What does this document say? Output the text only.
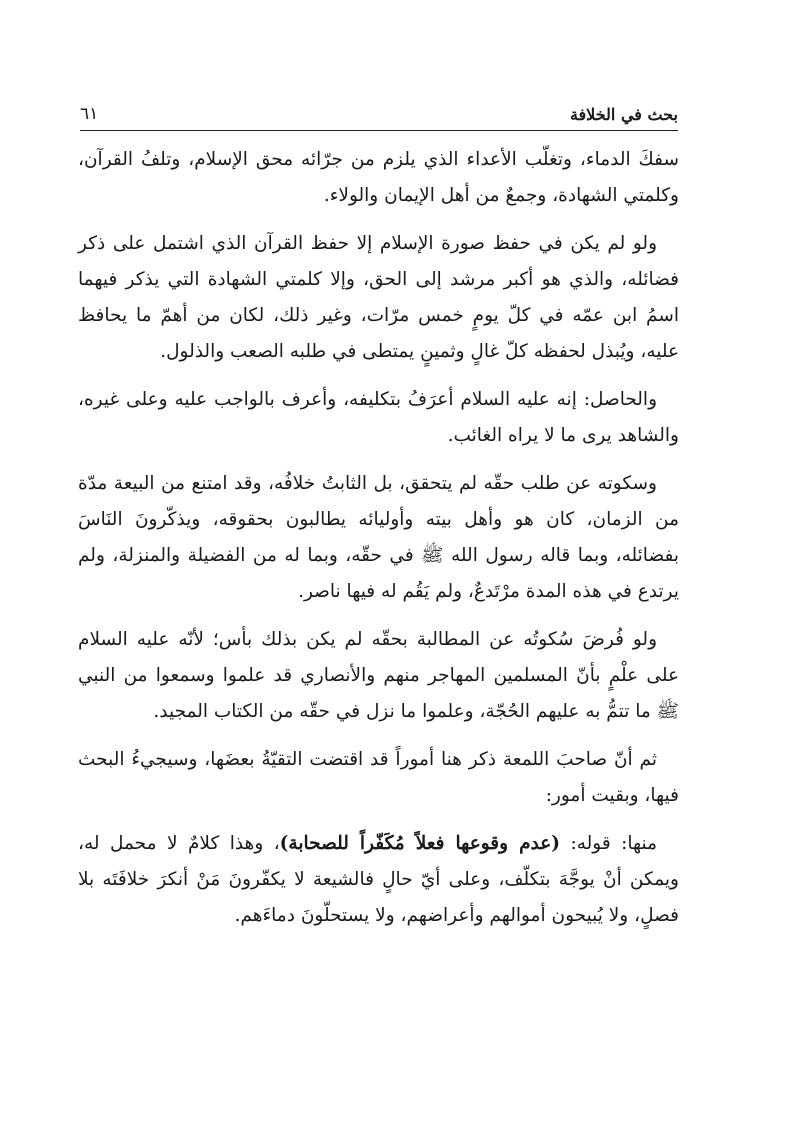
بحث في الخلافة
٦١

سفكَ الدماء، وتغلّب الأعداء الذي يلزم من جرّائه محق الإسلام، وتلفُ القرآن، وكلمتي الشهادة، وجمعٌ من أهل الإيمان والولاء.

ولو لم يكن في حفظ صورة الإسلام إلا حفظ القرآن الذي اشتمل على ذكر فضائله، والذي هو أكبر مرشد إلى الحق، وإلا كلمتي الشهادة التي يذكر فيهما اسمُ ابن عمّه في كلّ يومٍ خمس مرّات، وغير ذلك، لكان من أهمّ ما يحافظ عليه، ويُبذل لحفظه كلّ غالٍ وثمينٍ يمتطى في طلبه الصعب والذلول.

والحاصل: إنه عليه السلام أعرَفُ بتكليفه، وأعرف بالواجب عليه وعلى غيره، والشاهد يرى ما لا يراه الغائب.

وسكوته عن طلب حقّه لم يتحقق، بل الثابتُ خلافُه، وقد امتنع من البيعة مدّة من الزمان، كان هو وأهل بيته وأوليائه يطالبون بحقوقه، ويذكّرونَ النَاسَ بفضائله، وبما قاله رسول الله ﷺ في حقّه، وبما له من الفضيلة والمنزلة، ولم يرتدع في هذه المدة مرْتَدعٌ، ولم يَقُم له فيها ناصر.

ولو فُرضَ سُكوتُه عن المطالبة بحقّه لم يكن بذلك بأس؛ لأنّه عليه السلام على علْمٍ بأنّ المسلمين المهاجر منهم والأنصاري قد علموا وسمعوا من النبي ﷺ ما تتمُّ به عليهم الحُجّة، وعلموا ما نزل في حقّه من الكتاب المجيد.

ثم أنّ صاحبَ اللمعة ذكر هنا أموراً قد اقتضت التقيّةُ بعضَها، وسيجيءُ البحث فيها، وبقيت أمور:

منها: قوله: (عدم وقوعها فعلاً مُكَفّراً للصحابة)، وهذا كلامٌ لا محمل له، ويمكن أنْ يوجَّهَ بتكلّف، وعلى أيّ حالٍ فالشيعة لا يكفّرونَ مَنْ أنكرَ خلافَتَه بلا فصلٍ، ولا يُبيحون أموالهم وأعراضهم، ولا يستحلّونَ دماءَهم.
